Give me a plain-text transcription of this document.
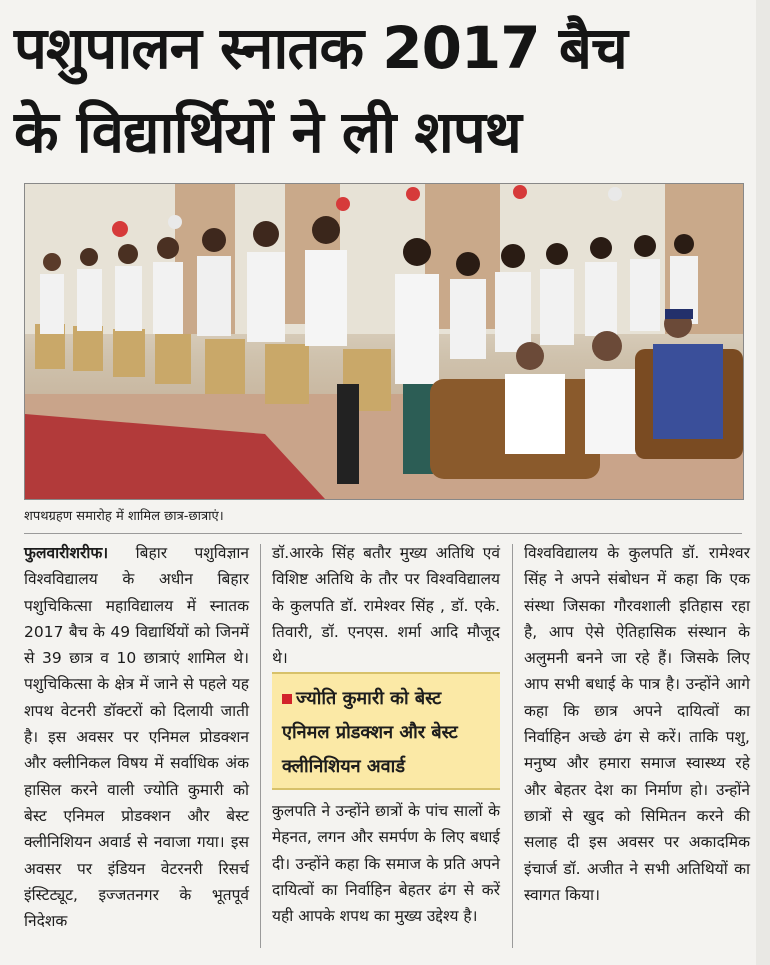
पशुपालन स्नातक 2017 बैच
के विद्यार्थियों ने ली शपथ

शपथग्रहण समारोह में शामिल छात्र-छात्राएं।

फुलवारीशरीफ। बिहार पशुविज्ञान विश्वविद्यालय के अधीन बिहार पशुचिकित्सा महाविद्यालय में स्नातक 2017 बैच के 49 विद्यार्थियों को जिनमें से 39 छात्र व 10 छात्राएं शामिल थे। पशुचिकित्सा के क्षेत्र में जाने से पहले यह शपथ वेटनरी डॉक्टरों को दिलायी जाती है। इस अवसर पर एनिमल प्रोडक्शन और क्लीनिकल विषय में सर्वाधिक अंक हासिल करने वाली ज्योति कुमारी को बेस्ट एनिमल प्रोडक्शन और बेस्ट क्लीनिशियन अवार्ड से नवाजा गया। इस अवसर पर इंडियन वेटरनरी रिसर्च इंस्टिट्यूट, इज्जतनगर के भूतपूर्व निदेशक

डॉ.आरके सिंह बतौर मुख्य अतिथि एवं विशिष्ट अतिथि के तौर पर विश्वविद्यालय के कुलपति डॉ. रामेश्वर सिंह , डॉ. एके. तिवारी, डॉ. एनएस. शर्मा आदि मौजूद थे।

ज्योति कुमारी को बेस्ट एनिमल प्रोडक्शन और बेस्ट क्लीनिशियन अवार्ड

कुलपति ने उन्होंने छात्रों के पांच सालों के मेहनत, लगन और समर्पण के लिए बधाई दी। उन्होंने कहा कि समाज के प्रति अपने दायित्वों का निर्वाहिन बेहतर ढंग से करें यही आपके शपथ का मुख्य उद्देश्य है।

विश्वविद्यालय के कुलपति डॉ. रामेश्वर सिंह ने अपने संबोधन में कहा कि एक संस्था जिसका गौरवशाली इतिहास रहा है, आप ऐसे ऐतिहासिक संस्थान के अलुमनी बनने जा रहे हैं। जिसके लिए आप सभी बधाई के पात्र है। उन्होंने आगे कहा कि छात्र अपने दायित्वों का निर्वाहिन अच्छे ढंग से करें। ताकि पशु, मनुष्य और हमारा समाज स्वास्थ्य रहे और बेहतर देश का निर्माण हो। उन्होंने छात्रों से खुद को सिमितन करने की सलाह दी इस अवसर पर अकादमिक इंचार्ज डॉ. अजीत ने सभी अतिथियों का स्वागत किया।
